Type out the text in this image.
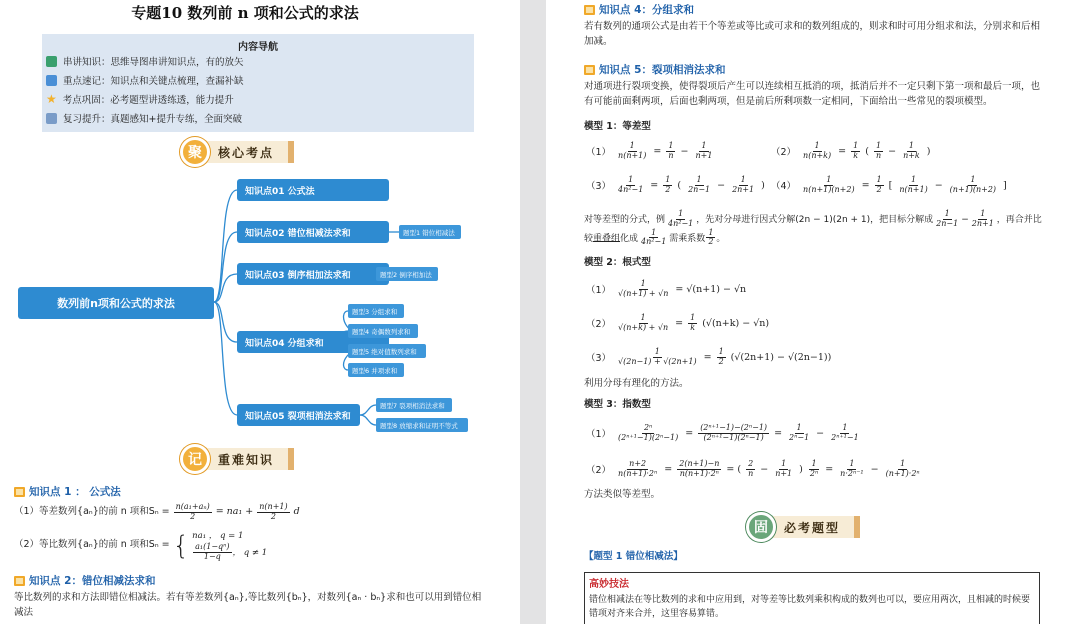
专题10 数列前 n 项和公式的求法
内容导航
串讲知识：思维导图串讲知识点，有的放矢
重点速记：知识点和关键点梳理，查漏补缺
★ 考点巩固：必考题型讲透练透，能力提升
复习提升：真题感知+提升专练，全面突破
聚	核心考点
数列前n项和公式的求法
知识点01 公式法
知识点02 错位相减法求和	题型1 错位相减法
知识点03 倒序相加法求和	题型2 倒序相加法
知识点04 分组求和
题型3 分组求和
题型4 奇偶数列求和
题型5 绝对值数列求和
题型6 并项求和
知识点05 裂项相消法求和
题型7 裂项相消法求和
题型8 放缩求和证明不等式
记	重难知识
知识点 1 ： 公式法
（1）等差数列{aₙ}的前 n 项和$S_n = \frac{\text{n(a₁+aₙ)}}{2} = na_1 + \frac{n(n+1)}{2}$ d
（2）等比数列{aₙ}的前 n 项和Sₙ = { na₁ ， q = 1
$\frac{\text{a₁(1−qⁿ)}}{1-q}$ ， q ≠ 1
知识点 2：错位相减法求和
等比数列的求和方法即错位相减法。若有等差数列{aₙ},等比数列{bₙ}，对数列{aₙ · bₙ}求和也可以用到错位相减法
知识点 4：分组求和
若有数列的通项公式是由若干个等差或等比或可求和的数列组成的，则求和时可用分组求和法，分别求和后相加减。
知识点 5：裂项相消法求和
对通项进行裂项变换，使得裂项后产生可以连续相互抵消的项，抵消后并不一定只剩下第一项和最后一项，也有可能前面剩两项，后面也剩两项，但是前后所剩项数一定相同，下面给出一些常见的裂项模型。
模型 1：等差型
$(1) \frac{1}{n(n+1)} = \frac{1}{n} - \frac{1}{n+1}$	$(2) \frac{1}{n(n+k)} = \frac{1}{k}$ ( $\frac{1}{n} - \frac{1}{n+k}$ )
$(3) \frac{1}{\text{4n²−1}} = \frac{1}{2}$ ( $\frac{1}{2n-1} - \frac{1}{2n+1}$ ) $(4) \frac{1}{n(n+1)(n+2)} = \frac{1}{2}$ [ $\frac{1}{n(n+1)} - \frac{1}{(n+1)(n+2)}$ ]
对等差型的分式，例 $\frac{1}{\text{4n²−1}}$ ，先对分母进行因式分解(2n − 1)(2n + 1)，把目标分解成 $\frac{1}{2n-1} - \frac{1}{2n+1}$ ，再合并比较重叠组化成 $\frac{1}{\text{4n²−1}}$ 需乘系数 $\frac{1}{2}$ 。
模型 2：根式型
$(1) \frac{1}{√(n+1) + √n} = √(n+1) - √n$
$(2) \frac{1}{√(n+k) + √n} = \frac{1}{k} (√(n+k) - √n)$
$(3) \frac{1}{√(2n-1) + √(2n+1)} = \frac{1}{2} (√(2n+1) - √(2n-1))$
利用分母有理化的方法。
模型 3：指数型
$(1) \frac{\text{2ⁿ}}{\text{(2ⁿ⁺¹−1)(2ⁿ−1)}} = \frac{\text{(2ⁿ⁺¹−1)−(2ⁿ−1)}}{\text{(2ⁿ⁺¹−1)(2ⁿ−1)}} = \frac{1}{\text{2ⁿ−1}} - \frac{1}{\text{2ⁿ⁺¹−1}}$
$(2) \frac{n+2}{\text{n(n+1)·2ⁿ}} = \frac{2(n+1)-n}{\text{n(n+1)·2ⁿ}}$ = ( $\frac{2}{n} - \frac{1}{n+1}$ ) $\frac{1}{\text{2ⁿ}} = \frac{1}{\text{n·2ⁿ⁻¹}} - \frac{1}{\text{(n+1)·2ⁿ}}$
方法类似等差型。
固	必考题型
【题型 1 错位相减法】
高妙技法
错位相减法在等比数列的求和中应用到，对等差等比数列乘积构成的数列也可以，要应用两次，且相减的时候要错项对齐来合并，这里容易算错。
